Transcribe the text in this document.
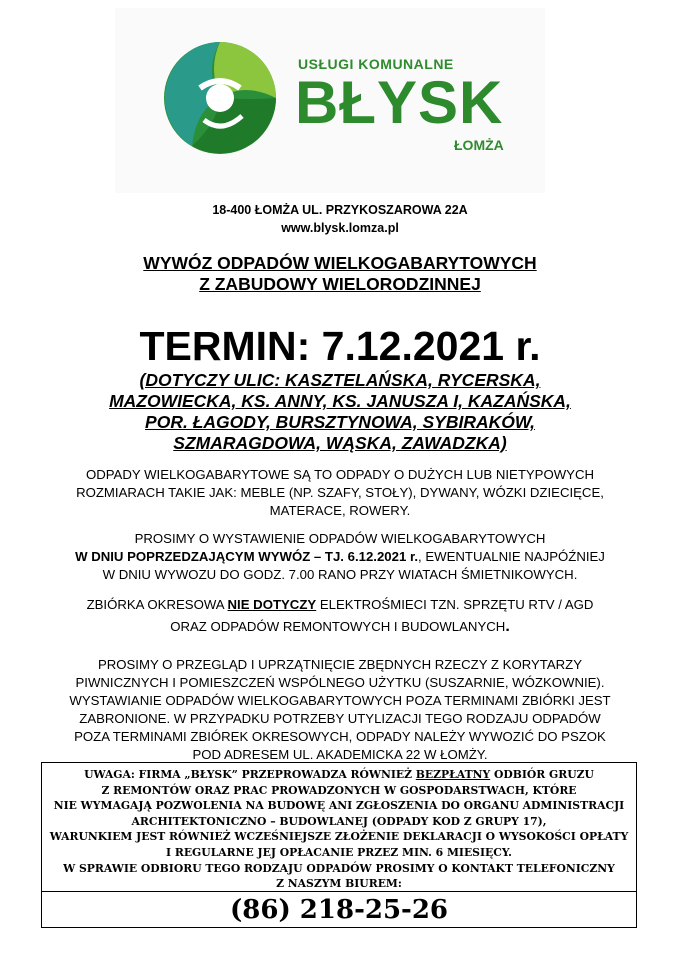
USŁUGI KOMUNALNE
BŁYSK
ŁOMŻA
18-400 ŁOMŻA UL. PRZYKOSZAROWA 22A
www.blysk.lomza.pl
WYWÓZ ODPADÓW WIELKOGABARYTOWYCH
Z ZABUDOWY WIELORODZINNEJ
TERMIN: 7.12.2021 r.
(DOTYCZY ULIC: KASZTELAŃSKA, RYCERSKA,
MAZOWIECKA, KS. ANNY, KS. JANUSZA I, KAZAŃSKA,
POR. ŁAGODY, BURSZTYNOWA, SYBIRAKÓW,
SZMARAGDOWA, WĄSKA, ZAWADZKA)
ODPADY WIELKOGABARYTOWE SĄ TO ODPADY O DUŻYCH LUB NIETYPOWYCH
ROZMIARACH TAKIE JAK: MEBLE (NP. SZAFY, STOŁY), DYWANY, WÓZKI DZIECIĘCE,
MATERACE, ROWERY.
PROSIMY O WYSTAWIENIE ODPADÓW WIELKOGABARYTOWYCH
W DNIU POPRZEDZAJĄCYM WYWÓZ – TJ. 6.12.2021 r., EWENTUALNIE NAJPÓŹNIEJ
W DNIU WYWOZU DO GODZ. 7.00 RANO PRZY WIATACH ŚMIETNIKOWYCH.
ZBIÓRKA OKRESOWA NIE DOTYCZY ELEKTROŚMIECI TZN. SPRZĘTU RTV / AGD
ORAZ ODPADÓW REMONTOWYCH I BUDOWLANYCH.
PROSIMY O PRZEGLĄD I UPRZĄTNIĘCIE ZBĘDNYCH RZECZY Z KORYTARZY
PIWNICZNYCH I POMIESZCZEŃ WSPÓLNEGO UŻYTKU (SUSZARNIE, WÓZKOWNIE).
WYSTAWIANIE ODPADÓW WIELKOGABARYTOWYCH POZA TERMINAMI ZBIÓRKI JEST
ZABRONIONE. W PRZYPADKU POTRZEBY UTYLIZACJI TEGO RODZAJU ODPADÓW
POZA TERMINAMI ZBIÓREK OKRESOWYCH, ODPADY NALEŻY WYWOZIĆ DO PSZOK
POD ADRESEM UL. AKADEMICKA 22 W ŁOMŻY.
UWAGA: FIRMA „BŁYSK” PRZEPROWADZA RÓWNIEŻ BEZPŁATNY ODBIÓR GRUZU
Z REMONTÓW ORAZ PRAC PROWADZONYCH W GOSPODARSTWACH, KTÓRE
NIE WYMAGAJĄ POZWOLENIA NA BUDOWĘ ANI ZGŁOSZENIA DO ORGANU ADMINISTRACJI
ARCHITEKTONICZNO – BUDOWLANEJ (ODPADY KOD Z GRUPY 17),
WARUNKIEM JEST RÓWNIEŻ WCZEŚNIEJSZE ZŁOŻENIE DEKLARACJI O WYSOKOŚCI OPŁATY
I REGULARNE JEJ OPŁACANIE PRZEZ MIN. 6 MIESIĘCY.
W SPRAWIE ODBIORU TEGO RODZAJU ODPADÓW PROSIMY O KONTAKT TELEFONICZNY
Z NASZYM BIUREM:
(86) 218-25-26
